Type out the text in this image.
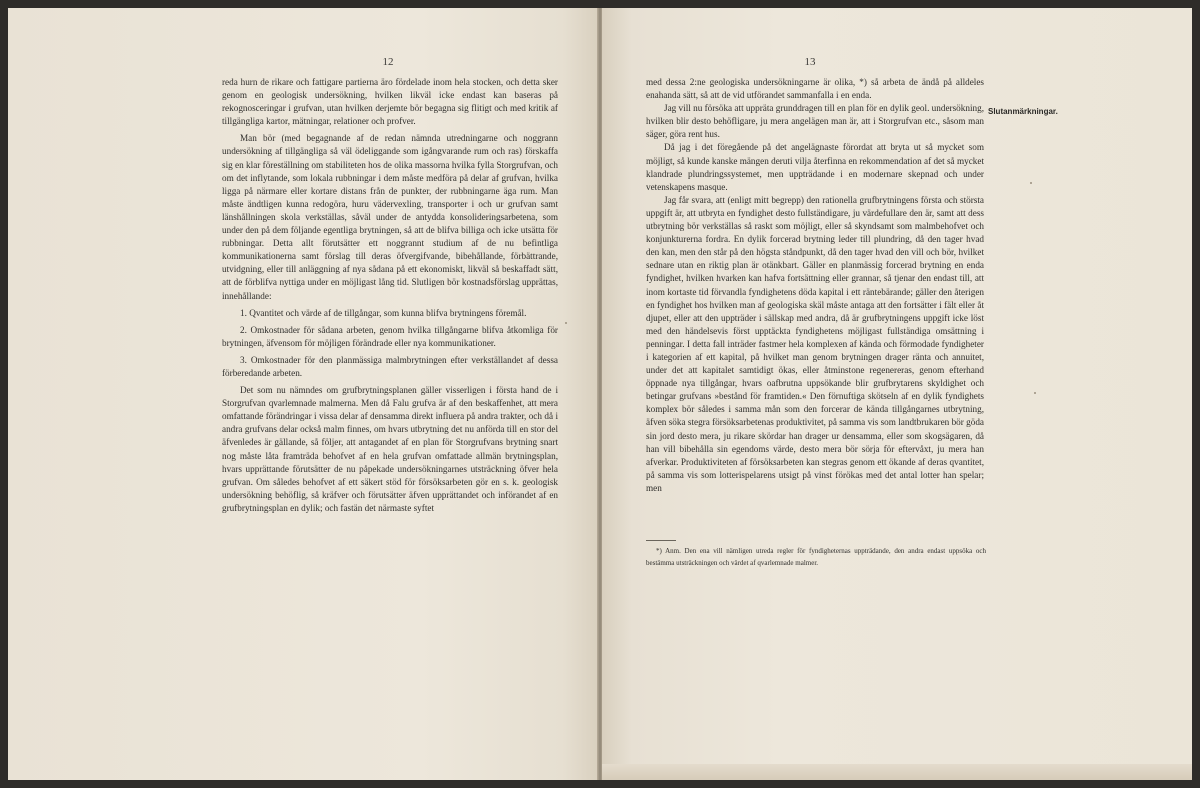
12	13

reda hurn de rikare och fattigare partierna äro fördelade inom hela stocken, och detta sker genom en geologisk undersökning, hvilken likväl icke endast kan baseras på rekognosceringar i grufvan, utan hvilken derjemte bör begagna sig flitigt och med kritik af tillgängliga kartor, mätningar, relationer och profver.

Man bör (med begagnande af de redan nämnda utredningarne och noggrann undersökning af tillgängliga så väl ödeliggande som igångvarande rum och ras) förskaffa sig en klar föreställning om stabiliteten hos de olika massorna hvilka fylla Storgrufvan, och om det inflytande, som lokala rubbningar i dem måste medföra på delar af grufvan, hvilka ligga på närmare eller kortare distans från de punkter, der rubbningarne äga rum. Man måste ändtligen kunna redogöra, huru vädervexling, transporter i och ur grufvan samt länshållningen skola verkställas, såväl under de antydda konsolideringsarbetena, som under den på dem följande egentliga brytningen, så att de blifva billiga och icke utsätta för rubbningar. Detta allt förutsätter ett noggrannt studium af de nu befintliga kommunikationerna samt förslag till deras öfvergifvande, bibehållande, förbättrande, utvidgning, eller till anläggning af nya sådana på ett ekonomiskt, likväl så beskaffadt sätt, att de förblifva nyttiga under en möjligast lång tid. Slutligen bör kostnadsförslag upprättas, innehållande:

1. Qvantitet och värde af de tillgångar, som kunna blifva brytningens föremål.

2. Omkostnader för sådana arbeten, genom hvilka tillgångarne blifva åtkomliga för brytningen, äfvensom för möjligen förändrade eller nya kommunikationer.

3. Omkostnader för den planmässiga malmbrytningen efter verkställandet af dessa förberedande arbeten.

Det som nu nämndes om grufbrytningsplanen gäller visserligen i första hand de i Storgrufvan qvarlemnade malmerna. Men då Falu grufva är af den beskaffenhet, att mera omfattande förändringar i vissa delar af densamma direkt influera på andra trakter, och då i andra grufvans delar också malm finnes, om hvars utbrytning det nu anförda till en stor del äfvenledes är gällande, så följer, att antagandet af en plan för Storgrufvans brytning snart nog måste låta framträda behofvet af en hela grufvan omfattade allmän brytningsplan, hvars upprättande förutsätter de nu påpekade undersökningarnes utsträckning öfver hela grufvan. Om således behofvet af ett säkert stöd för försöksarbeten gör en s. k. geologisk undersökning behöflig, så kräfver och förutsätter äfven upprättandet och införandet af en grufbrytningsplan en dylik; och fastän det närmaste syftet

med dessa 2:ne geologiska undersökningarne är olika, *) så arbeta de ändå på alldeles enahanda sätt, så att de vid utförandet sammanfalla i en enda.

Jag vill nu försöka att uppräta grunddragen till en plan för en dylik geol. undersökning, hvilken blir desto behöfligare, ju mera angelägen man är, att i Storgrufvan etc., såsom man säger, göra rent hus.

Då jag i det föregående på det angelägnaste förordat att bryta ut så mycket som möjligt, så kunde kanske mängen deruti vilja återfinna en rekommendation af det så mycket klandrade plundringssystemet, men uppträdande i en modernare skepnad och under vetenskapens masque.

Jag får svara, att (enligt mitt begrepp) den rationella grufbrytningens första och största uppgift är, att utbryta en fyndighet desto fullständigare, ju värdefullare den är, samt att dess utbrytning bör verkställas så raskt som möjligt, eller så skyndsamt som malmbehofvet och konjunkturerna fordra. En dylik forcerad brytning leder till plundring, då den tager hvad den kan, men den står på den högsta ståndpunkt, då den tager hvad den vill och bör, hvilket sednare utan en riktig plan är otänkbart. Gäller en planmässig forcerad brytning en enda fyndighet, hvilken hvarken kan hafva fortsättning eller grannar, så tjenar den endast till, att inom kortaste tid förvandla fyndighetens döda kapital i ett räntebärande; gäller den återigen en fyndighet hos hvilken man af geologiska skäl måste antaga att den fortsätter i fält eller åt djupet, eller att den uppträder i sällskap med andra, då är grufbrytningens uppgift icke löst med den händelsevis först upptäckta fyndighetens möjligast fullständiga omsättning i penningar. I detta fall inträder fastmer hela komplexen af kända och förmodade fyndigheter i kategorien af ett kapital, på hvilket man genom brytningen drager ränta och annuitet, under det att kapitalet samtidigt ökas, eller åtminstone regenereras, genom efterhand öppnade nya tillgångar, hvars oafbrutna uppsökande blir grufbrytarens skyldighet och betingar grufvans »bestånd för framtiden.« Den förnuftiga skötseln af en dylik fyndighets komplex bör således i samma mån som den forcerar de kända tillgångarnes utbrytning, äfven söka stegra försöksarbetenas produktivitet, på samma vis som landtbrukaren bör göda sin jord desto mera, ju rikare skördar han drager ur densamma, eller som skogsägaren, då han vill bibehålla sin egendoms värde, desto mera bör sörja för eftervåxt, ju mera han afverkar. Produktiviteten af försöksarbeten kan stegras genom ett ökande af deras qvantitet, på samma vis som lotterispelarens utsigt på vinst förökas med det antal lotter han spelar; men

Slutanmärkningar.
*) Anm. Den ena vill nämligen utreda regler för fyndigheternas uppträdande, den andra endast uppsöka och bestämma utsträckningen och värdet af qvarlemnade malmer.
